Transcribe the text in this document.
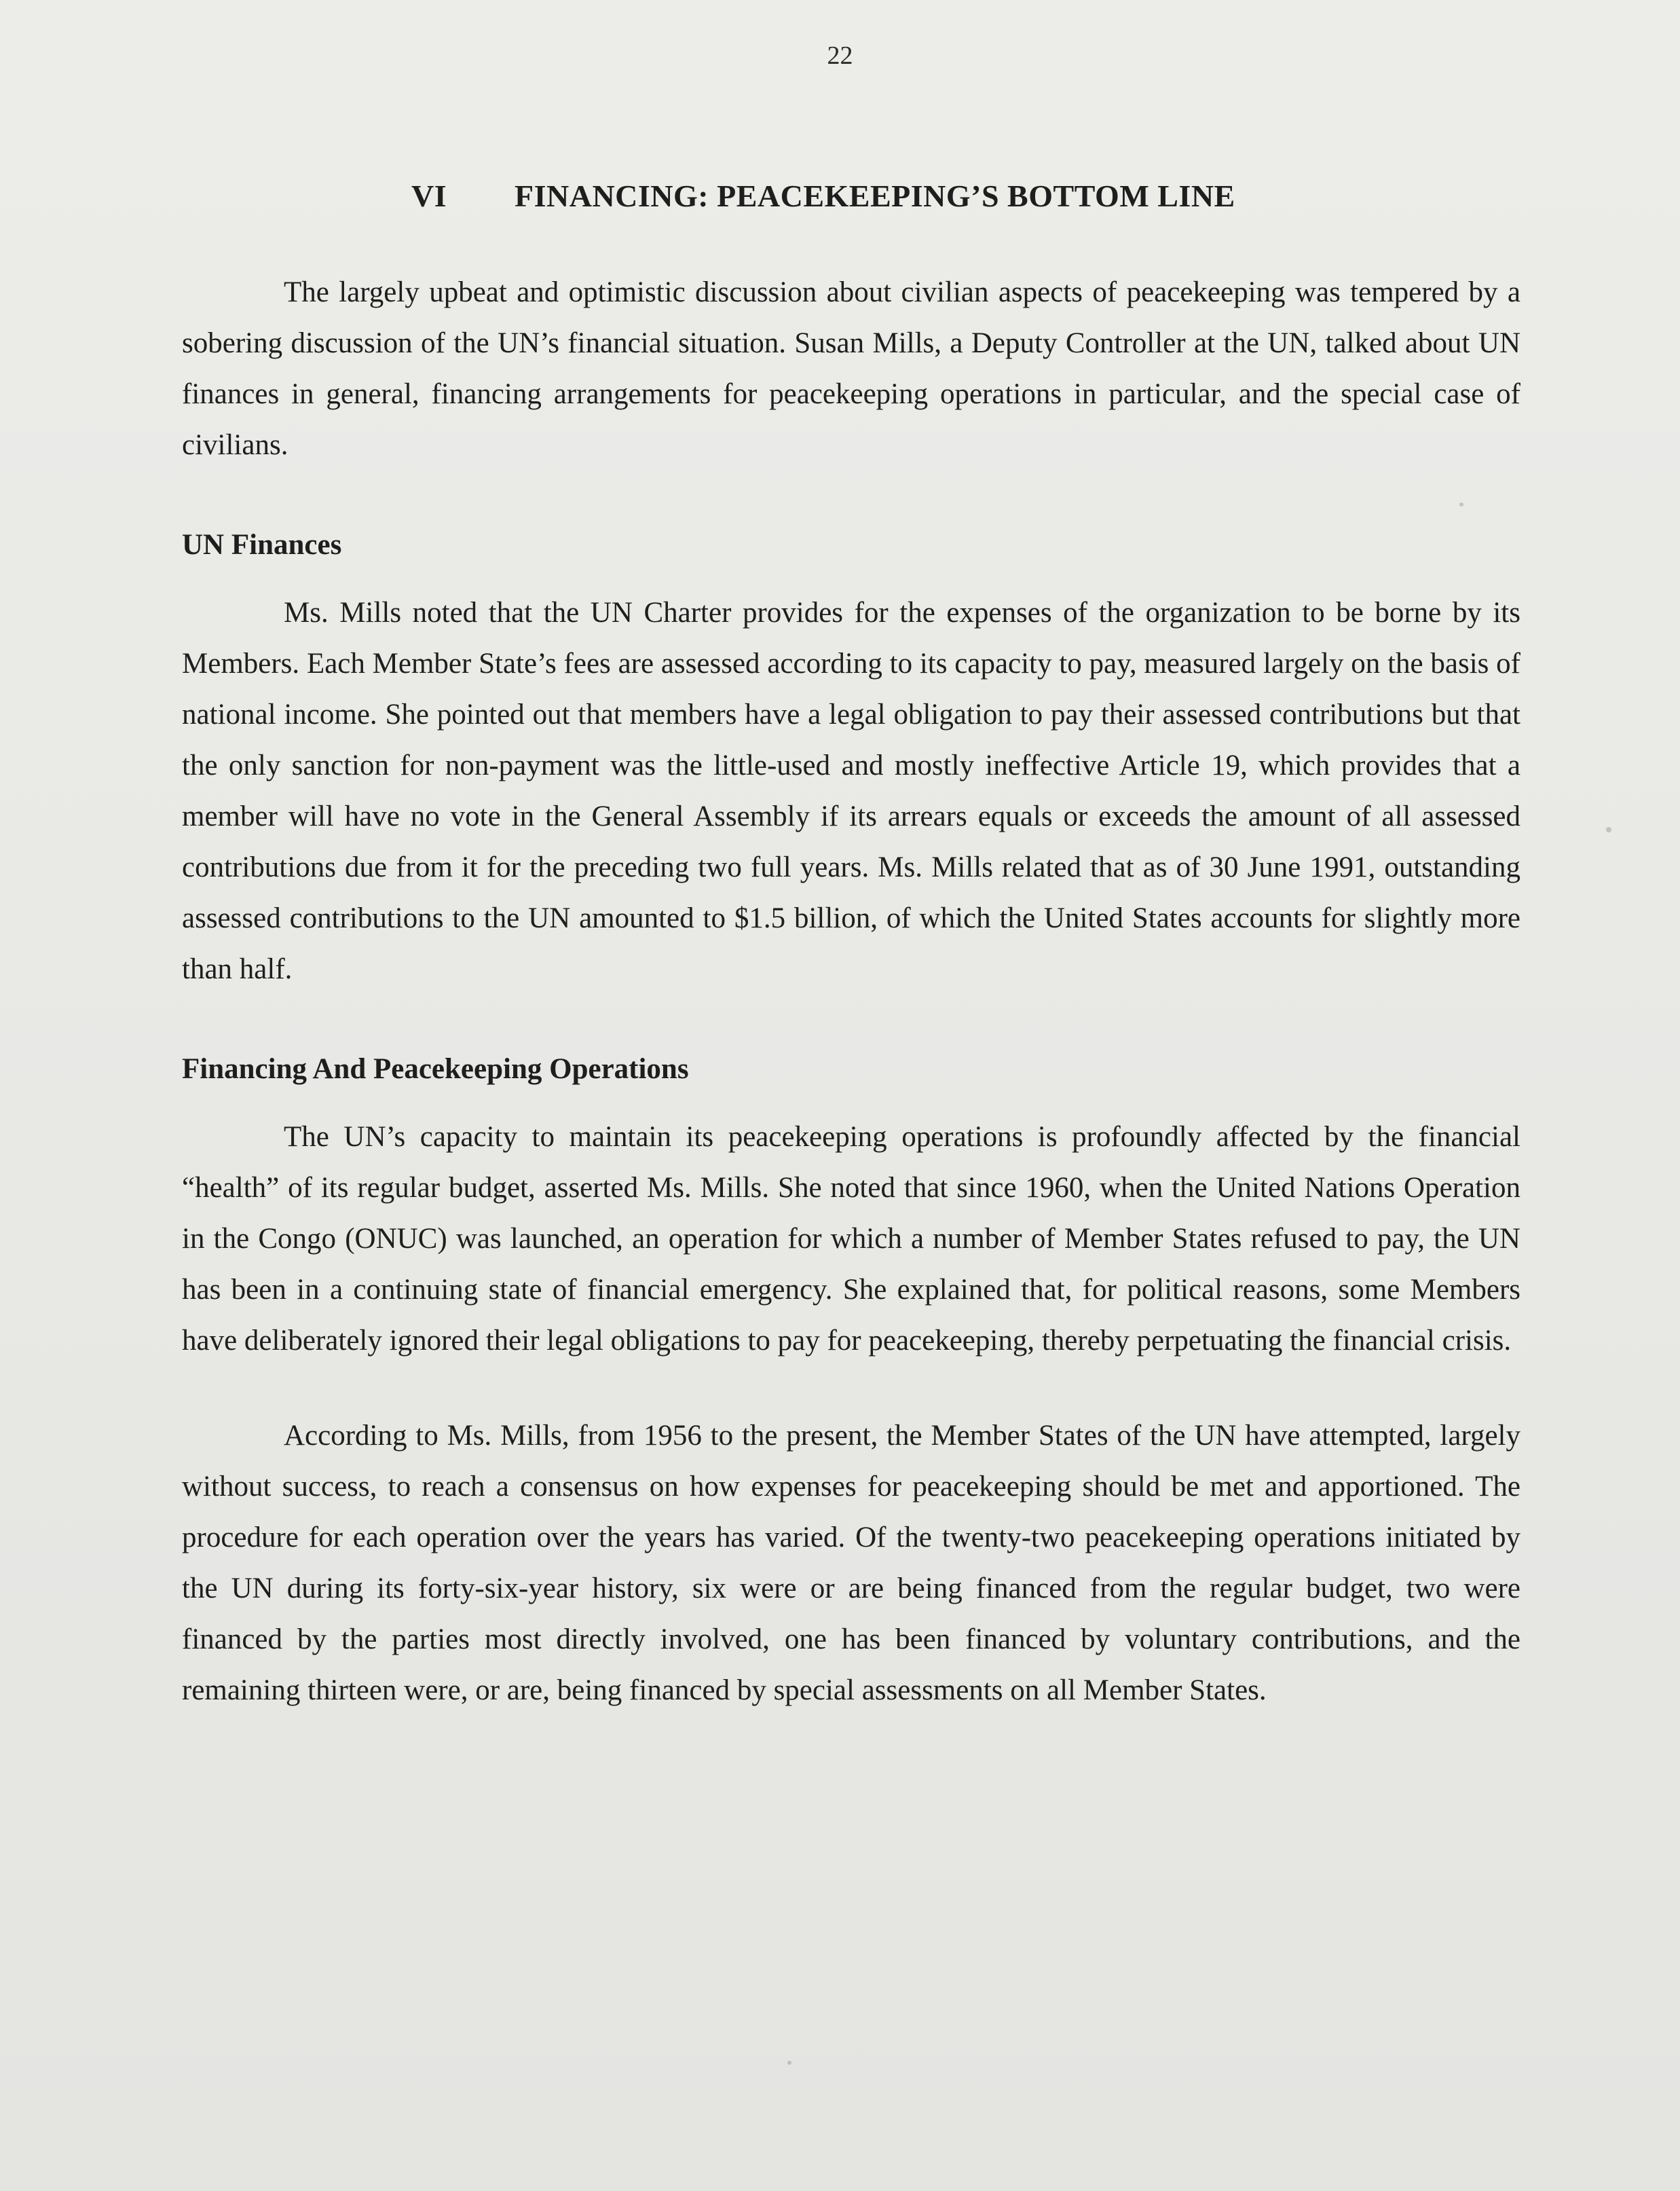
22
VI	FINANCING: PEACEKEEPING’S BOTTOM LINE

The largely upbeat and optimistic discussion about civilian aspects of peacekeeping was tempered by a sobering discussion of the UN’s financial situation. Susan Mills, a Deputy Controller at the UN, talked about UN finances in general, financing arrangements for peacekeeping operations in particular, and the special case of civilians.

UN Finances

Ms. Mills noted that the UN Charter provides for the expenses of the organization to be borne by its Members. Each Member State’s fees are assessed according to its capacity to pay, measured largely on the basis of national income. She pointed out that members have a legal obligation to pay their assessed contributions but that the only sanction for non-payment was the little-used and mostly ineffective Article 19, which provides that a member will have no vote in the General Assembly if its arrears equals or exceeds the amount of all assessed contributions due from it for the preceding two full years. Ms. Mills related that as of 30 June 1991, outstanding assessed contributions to the UN amounted to $1.5 billion, of which the United States accounts for slightly more than half.

Financing And Peacekeeping Operations

The UN’s capacity to maintain its peacekeeping operations is profoundly affected by the financial “health” of its regular budget, asserted Ms. Mills. She noted that since 1960, when the United Nations Operation in the Congo (ONUC) was launched, an operation for which a number of Member States refused to pay, the UN has been in a continuing state of financial emergency. She explained that, for political reasons, some Members have deliberately ignored their legal obligations to pay for peacekeeping, thereby perpetuating the financial crisis.

According to Ms. Mills, from 1956 to the present, the Member States of the UN have attempted, largely without success, to reach a consensus on how expenses for peacekeeping should be met and apportioned. The procedure for each operation over the years has varied. Of the twenty-two peacekeeping operations initiated by the UN during its forty-six-year history, six were or are being financed from the regular budget, two were financed by the parties most directly involved, one has been financed by voluntary contributions, and the remaining thirteen were, or are, being financed by special assessments on all Member States.
